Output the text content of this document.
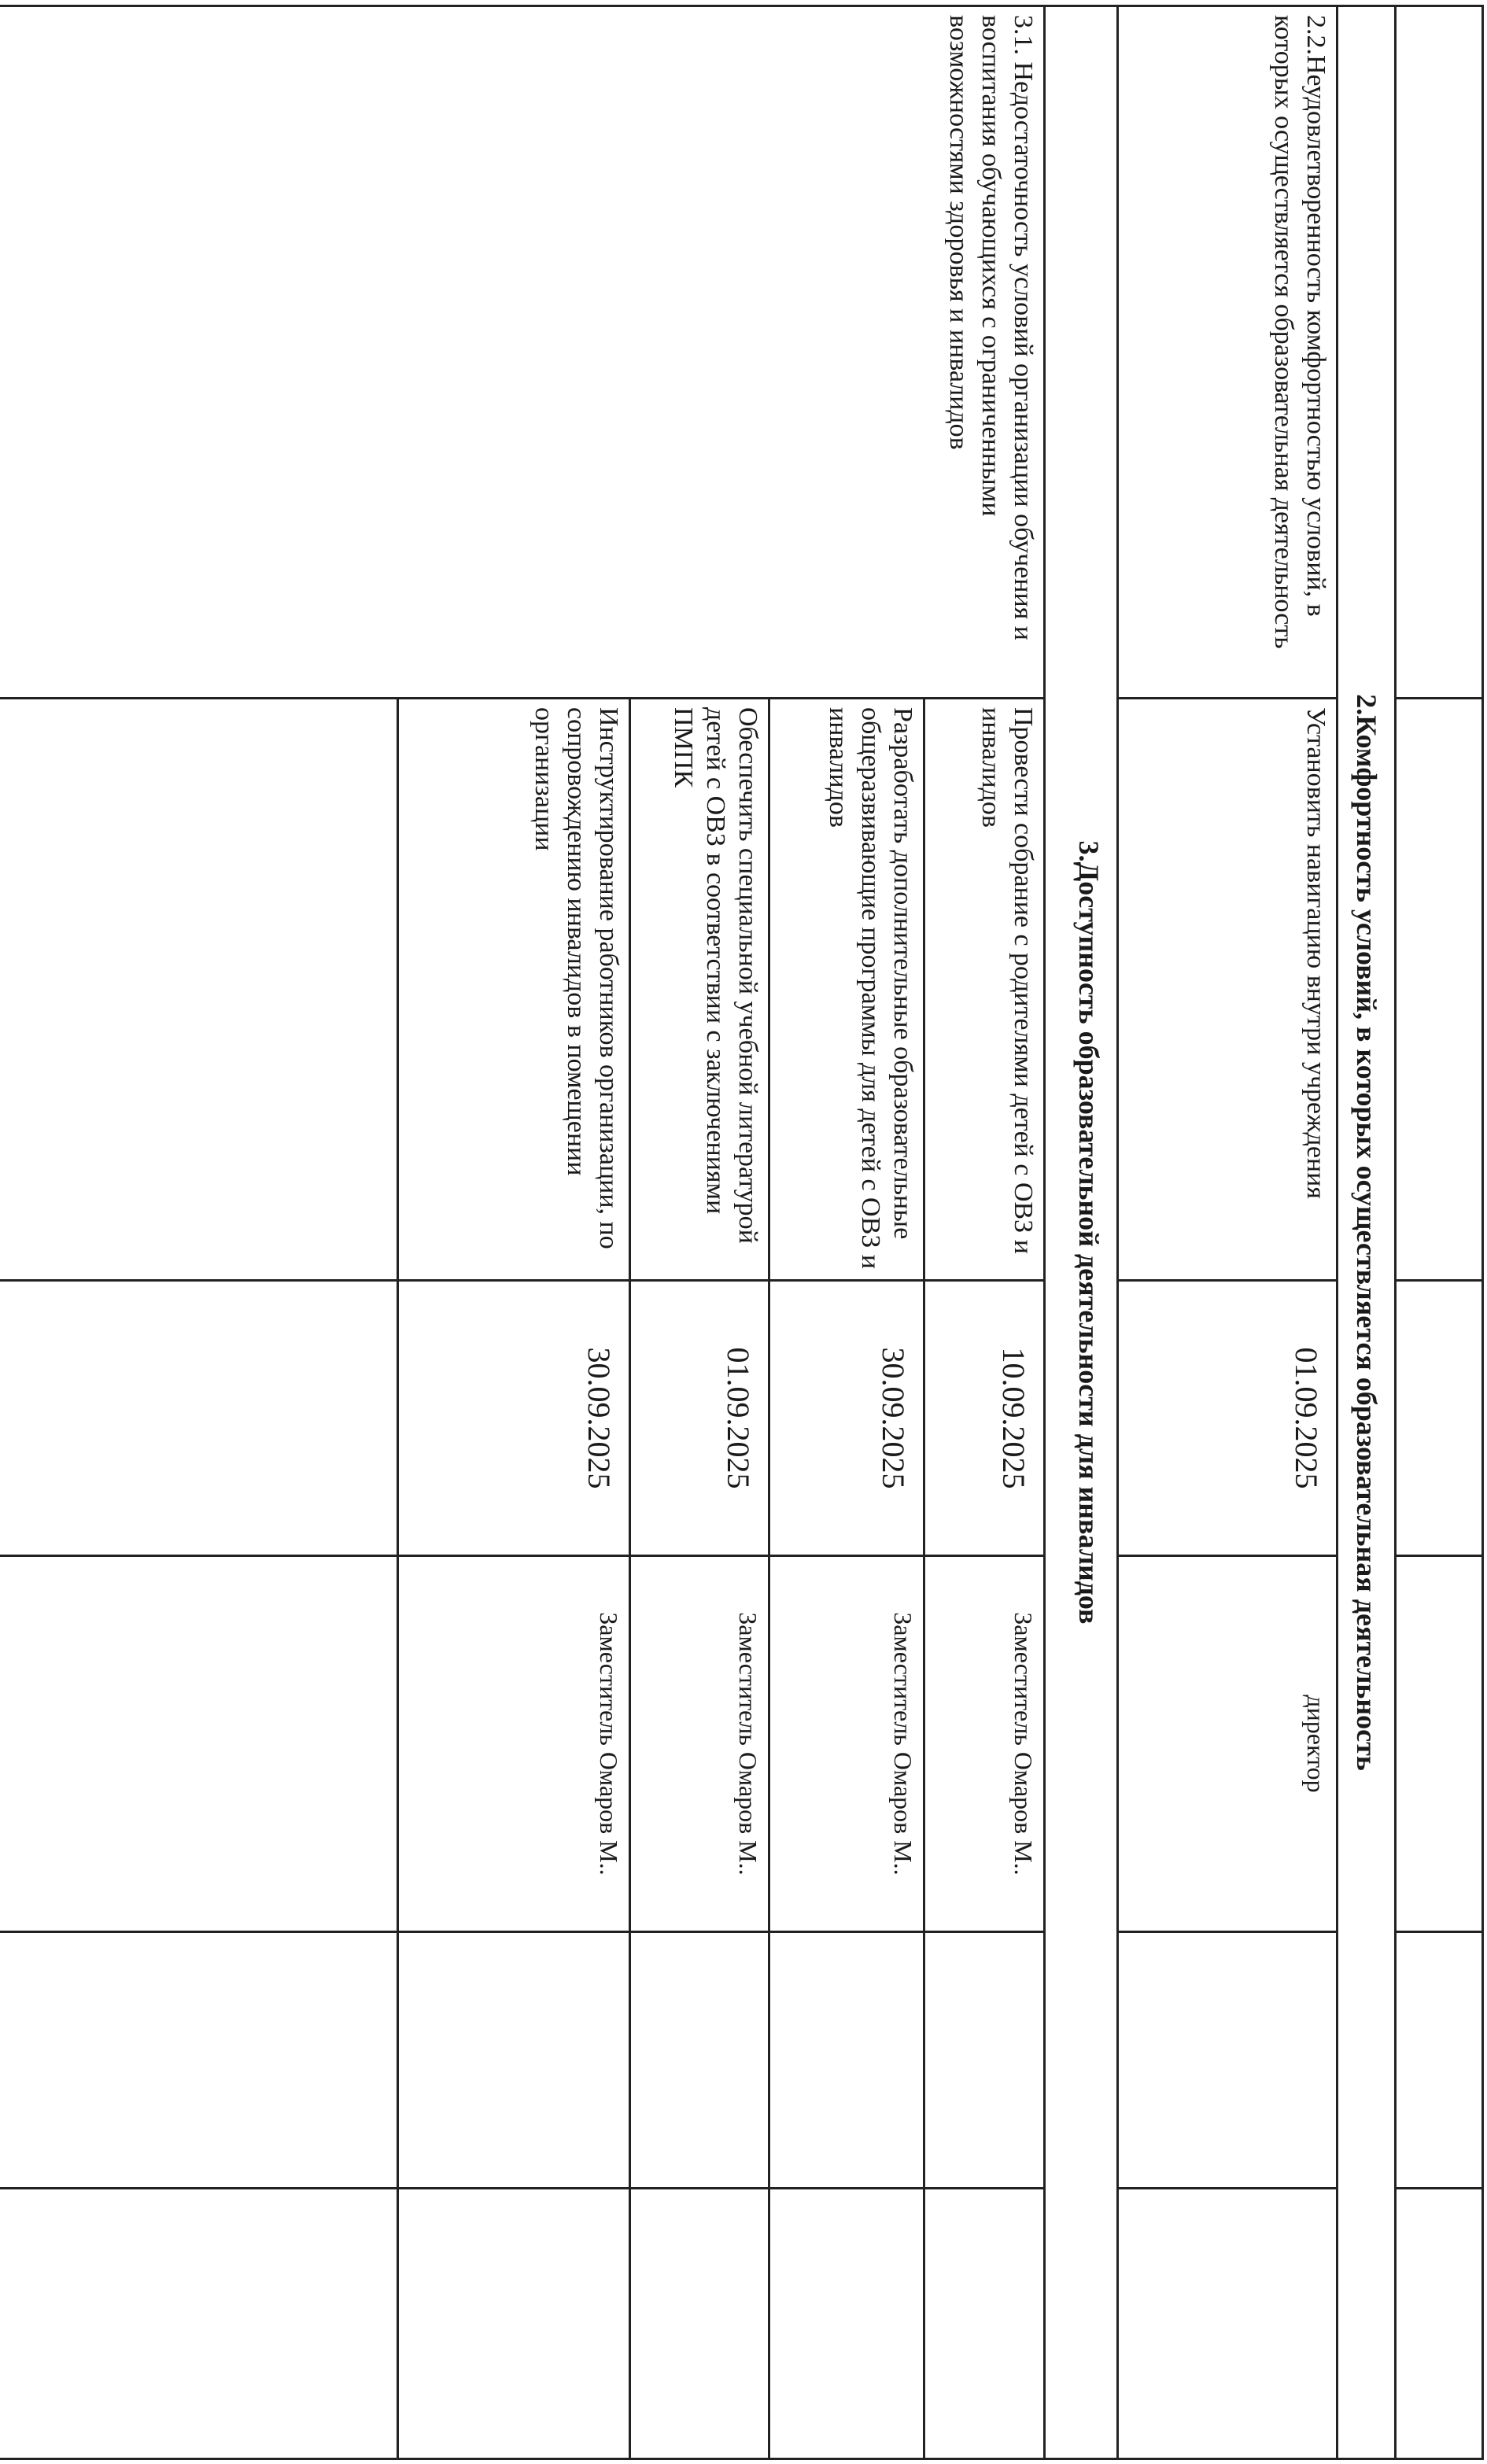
2.Комфортность условий, в которых осуществляется образовательная деятельность					
2.2.Неудовлетворенность комфортностью условий, в которых осуществляется образовательная деятельность	Установить навигацию внутри учреждения	01.09.2025	директор		
3.Доступность образовательной деятельности для инвалидов					
3.1. Недостаточность условий организации обучения и воспитания обучающихся с ограниченными возможностями здоровья и инвалидов	Провести собрание с родителями детей с ОВЗ и инвалидов	10.09.2025	Заместитель Омаров М..		
	Разработать дополнительные образовательные общеразвивающие программы для детей с ОВЗ и инвалидов	30.09.2025	Заместитель Омаров М..		
	Обеспечить специальной учебной литературой детей с ОВЗ в соответствии с заключениями ПМПК	01.09.2025	Заместитель Омаров М..		
	Инструктирование работников организации, по сопровождению инвалидов в помещении организации	30.09.2025	Заместитель Омаров М..		
